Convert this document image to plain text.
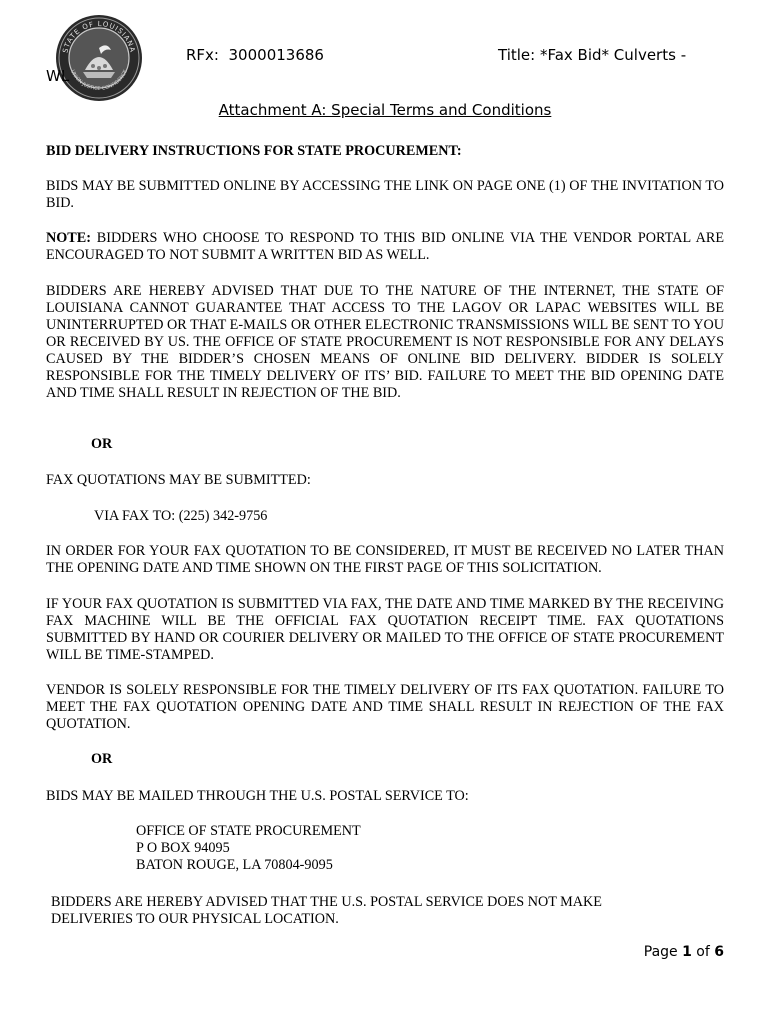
STATE OF LOUISIANA
UNION JUSTICE CONFIDENCE
RFx:  3000013686	Title: *Fax Bid* Culverts -
WL
Attachment A: Special Terms and Conditions
BID DELIVERY INSTRUCTIONS FOR STATE PROCUREMENT:
BIDS MAY BE SUBMITTED ONLINE BY ACCESSING THE LINK ON PAGE ONE (1) OF THE INVITATION TO BID.
NOTE: BIDDERS WHO CHOOSE TO RESPOND TO THIS BID ONLINE VIA THE VENDOR PORTAL ARE ENCOURAGED TO NOT SUBMIT A WRITTEN BID AS WELL.
BIDDERS ARE HEREBY ADVISED THAT DUE TO THE NATURE OF THE INTERNET, THE STATE OF LOUISIANA CANNOT GUARANTEE THAT ACCESS TO THE LAGOV OR LAPAC WEBSITES WILL BE UNINTERRUPTED OR THAT E-MAILS OR OTHER ELECTRONIC TRANSMISSIONS WILL BE SENT TO YOU OR RECEIVED BY US. THE OFFICE OF STATE PROCUREMENT IS NOT RESPONSIBLE FOR ANY DELAYS CAUSED BY THE BIDDER’S CHOSEN MEANS OF ONLINE BID DELIVERY. BIDDER IS SOLELY RESPONSIBLE FOR THE TIMELY DELIVERY OF ITS’ BID. FAILURE TO MEET THE BID OPENING DATE AND TIME SHALL RESULT IN REJECTION OF THE BID.
OR
FAX QUOTATIONS MAY BE SUBMITTED:
VIA FAX TO: (225) 342-9756
IN ORDER FOR YOUR FAX QUOTATION TO BE CONSIDERED, IT MUST BE RECEIVED NO LATER THAN THE OPENING DATE AND TIME SHOWN ON THE FIRST PAGE OF THIS SOLICITATION.
IF YOUR FAX QUOTATION IS SUBMITTED VIA FAX, THE DATE AND TIME MARKED BY THE RECEIVING FAX MACHINE WILL BE THE OFFICIAL FAX QUOTATION RECEIPT TIME. FAX QUOTATIONS SUBMITTED BY HAND OR COURIER DELIVERY OR MAILED TO THE OFFICE OF STATE PROCUREMENT WILL BE TIME-STAMPED.
VENDOR IS SOLELY RESPONSIBLE FOR THE TIMELY DELIVERY OF ITS FAX QUOTATION. FAILURE TO MEET THE FAX QUOTATION OPENING DATE AND TIME SHALL RESULT IN REJECTION OF THE FAX QUOTATION.
OR
BIDS MAY BE MAILED THROUGH THE U.S. POSTAL SERVICE TO:
OFFICE OF STATE PROCUREMENT
P O BOX 94095
BATON ROUGE, LA 70804-9095
BIDDERS ARE HEREBY ADVISED THAT THE U.S. POSTAL SERVICE DOES NOT MAKE
DELIVERIES TO OUR PHYSICAL LOCATION.
Page 1 of 6
